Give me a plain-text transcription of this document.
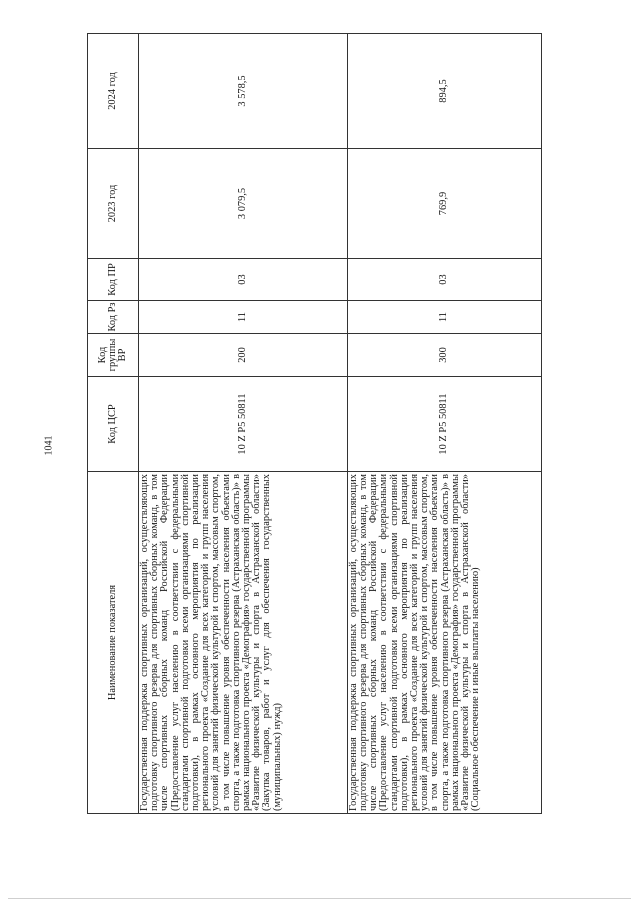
1041
Наименование показателя	Код ЦСР	Код группы ВР	Код Рз	Код ПР	2023 год	2024 год
Государственная поддержка спортивных организаций, осуществляющих подготовку спортивного резерва для спортивных сборных команд, в том числе спортивных сборных команд Российской Федерации (Предоставление услуг населению в соответствии с федеральными стандартами спортивной подготовки всеми организациями спортивной подготовки), в рамках основного мероприятия по реализации регионального проекта «Создание для всех категорий и групп населения условий для занятий физической культурой и спортом, массовым спортом, в том числе повышение уровня обеспеченности населения объектами спорта, а также подготовка спортивного резерва (Астраханская область)» в рамках национального проекта «Демография» государственной программы «Развитие физической культуры и спорта в Астраханской области» (Закупка товаров, работ и услуг для обеспечения государственных (муниципальных) нужд)	10 Z P5 50811	200	11	03	3 079,5	3 578,5
Государственная поддержка спортивных организаций, осуществляющих подготовку спортивного резерва для спортивных сборных команд, в том числе спортивных сборных команд Российской Федерации (Предоставление услуг населению в соответствии с федеральными стандартами спортивной подготовки всеми организациями спортивной подготовки), в рамках основного мероприятия по реализации регионального проекта «Создание для всех категорий и групп населения условий для занятий физической культурой и спортом, массовым спортом, в том числе повышение уровня обеспеченности населения объектами спорта, а также подготовка спортивного резерва (Астраханская область)» в рамках национального проекта «Демография» государственной программы «Развитие физической культуры и спорта в Астраханской области» (Социальное обеспечение и иные выплаты населению)	10 Z P5 50811	300	11	03	769,9	894,5
